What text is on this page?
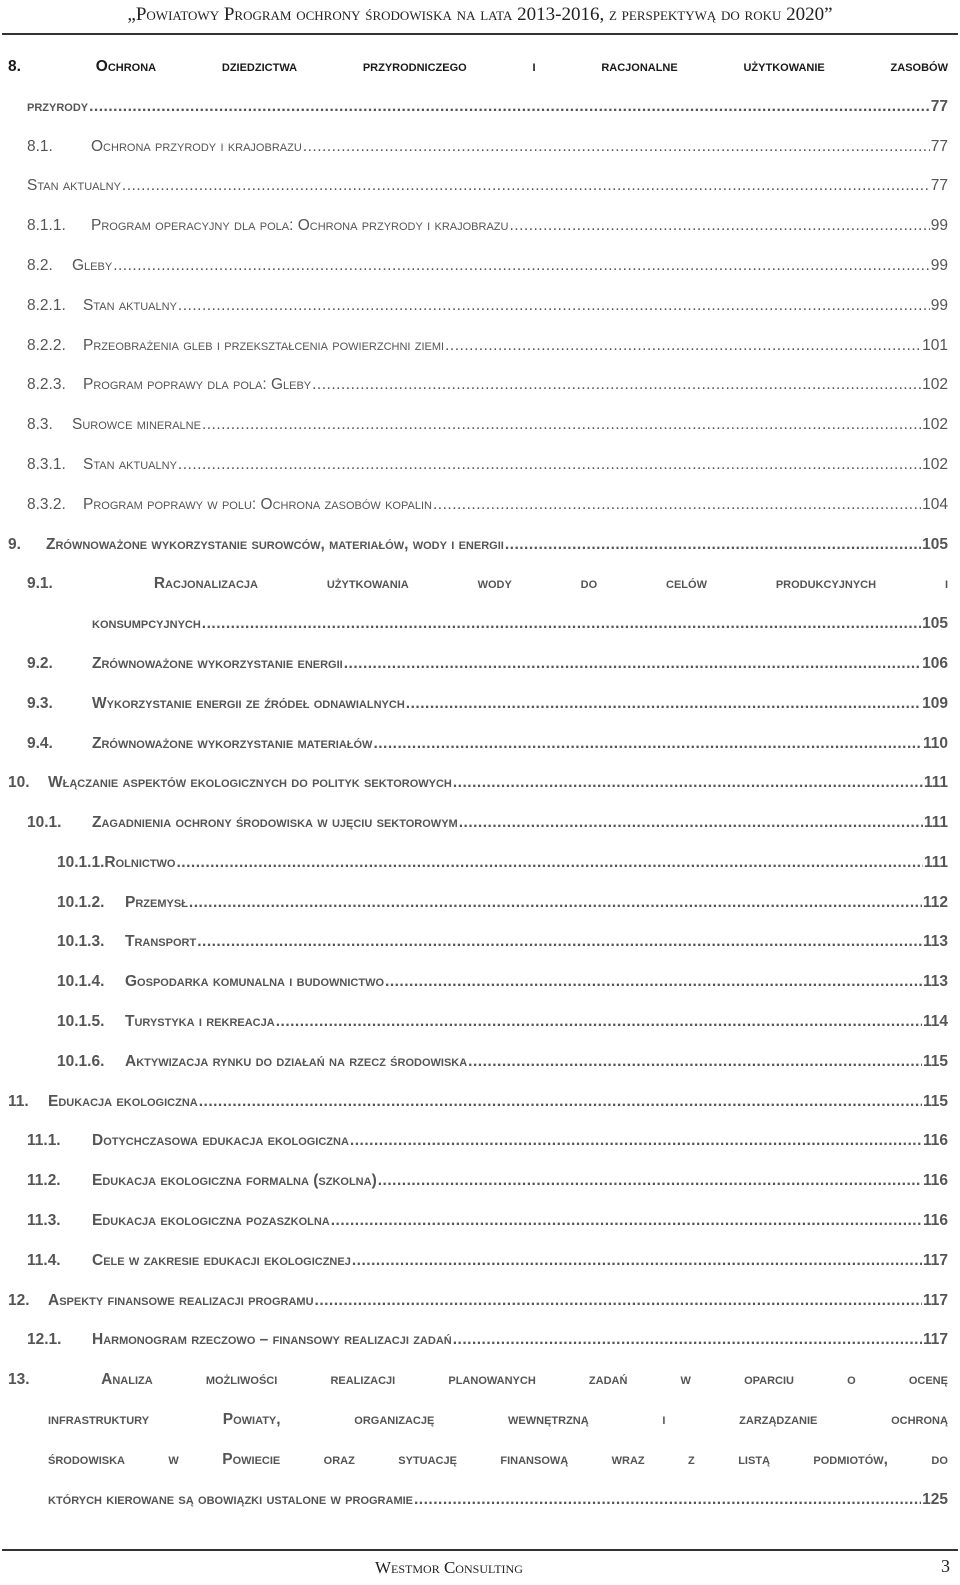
„Powiatowy Program ochrony środowiska na lata 2013-2016, z perspektywą do roku 2020”
8.	Ochrona	dziedzictwa	przyrodniczego	i	racjonalne	użytkowanie	zasobów
przyrody .....	77
8.1.	Ochrona przyrody i krajobrazu .....	77
Stan aktualny .....	77
8.1.1.	Program operacyjny dla pola: Ochrona przyrody i krajobrazu .....	99
8.2.	Gleby .....	99
8.2.1.	Stan aktualny .....	99
8.2.2.	Przeobrażenia gleb i przekształcenia powierzchni ziemi .....	101
8.2.3.	Program poprawy dla pola: Gleby .....	102
8.3.	Surowce mineralne .....	102
8.3.1.	Stan aktualny .....	102
8.3.2.	Program poprawy w polu: Ochrona zasobów kopalin .....	104
9.	Zrównoważone wykorzystanie surowców, materiałów, wody i energii .....	105
9.1.	Racjonalizacja	użytkowania	wody	do	celów	produkcyjnych	i
konsumpcyjnych .....	105
9.2.	Zrównoważone wykorzystanie energii .....	106
9.3.	Wykorzystanie energii ze źródeł odnawialnych .....	109
9.4.	Zrównoważone wykorzystanie materiałów .....	110
10.	Włączanie aspektów ekologicznych do polityk sektorowych .....	111
10.1.	Zagadnienia ochrony środowiska w ujęciu sektorowym .....	111
10.1.1. Rolnictwo .....	111
10.1.2.	Przemysł .....	112
10.1.3.	Transport .....	113
10.1.4.	Gospodarka komunalna i budownictwo .....	113
10.1.5.	Turystyka i rekreacja .....	114
10.1.6.	Aktywizacja rynku do działań na rzecz środowiska .....	115
11.	Edukacja ekologiczna .....	115
11.1.	Dotychczasowa edukacja ekologiczna .....	116
11.2.	Edukacja ekologiczna formalna (szkolna) .....	116
11.3.	Edukacja ekologiczna pozaszkolna .....	116
11.4.	Cele w zakresie edukacji ekologicznej .....	117
12.	Aspekty finansowe realizacji programu .....	117
12.1.	Harmonogram rzeczowo – finansowy realizacji zadań .....	117
13.	Analiza	możliwości	realizacji	planowanych	zadań	w	oparciu	o	ocenę
infrastruktury	Powiaty,	organizację	wewnętrzną	i	zarządzanie	ochroną
środowiska	w	Powiecie	oraz	sytuację	finansową	wraz	z	listą	podmiotów,	do
których kierowane są obowiązki ustalone w programie .....	125
Westmor Consulting	3
